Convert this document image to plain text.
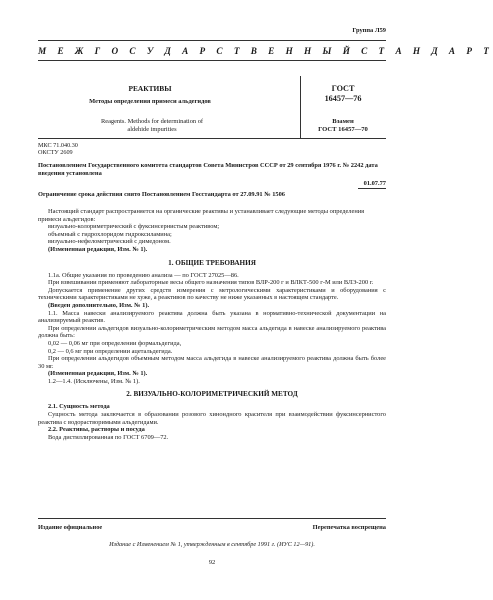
Группа Л59
М Е Ж Г О С У Д А Р С Т В Е Н Н Ы Й С Т А Н Д А Р Т
РЕАКТИВЫ
Методы определения примеси альдегидов
Reagents. Methods for determination of
aldehide impurities
ГОСТ
16457—76
Взамен
ГОСТ 16457—70
МКС 71.040.30
ОКСТУ 2609
Постановлением Государственного комитета стандартов Совета Министров СССР от 29 сентября 1976 г. № 2242 дата введения установлена
01.07.77
Ограничение срока действия снято Постановлением Госстандарта от 27.09.91 № 1506
Настоящий стандарт распространяется на органические реактивы и устанавливает следующие методы определения примеси альдегидов:
визуально-колориметрический с фуксинсернистым реактивом;
объемный с гидрохлоридом гидроксиламина;
визуально-нефелометрический с димедоном.
(Измененная редакция, Изм. № 1).
1. ОБЩИЕ ТРЕБОВАНИЯ
1.1а. Общие указания по проведению анализа — по ГОСТ 27025—86.
При взвешивании применяют лабораторные весы общего назначения типов ВЛР-200 г и ВЛКТ-500 г-М или ВЛЭ-200 г.
Допускается применение других средств измерения с метрологическими характеристиками и оборудования с техническими характеристиками не хуже, а реактивов по качеству не ниже указанных в настоящем стандарте.
(Введен дополнительно, Изм. № 1).
1.1. Масса навески анализируемого реактива должна быть указана в нормативно-технической документации на анализируемый реактив.
При определении альдегидов визуально-колориметрическим методом масса альдегида в навеске анализируемого реактива должна быть:
0,02 — 0,06 мг при определении формальдегида,
0,2 — 0,6 мг при определении ацетальдегида.
При определении альдегидов объемным методом масса альдегида в навеске анализируемого реактива должна быть более 30 мг.
(Измененная редакция, Изм. № 1).
1.2—1.4. (Исключены, Изм. № 1).
2. ВИЗУАЛЬНО-КОЛОРИМЕТРИЧЕСКИЙ МЕТОД
2.1. Сущность метода
Сущность метода заключается в образовании розового хинондного красителя при взаимодействии фуксинсернистого реактива с водорастворимыми альдегидами.
2.2. Реактивы, растворы и посуда
Вода дистиллированная по ГОСТ 6709—72.
Издание официальное	Перепечатка воспрещена
Издание с Изменением № 1, утвержденным в сентябре 1991 г. (ИУС 12—91).
92
